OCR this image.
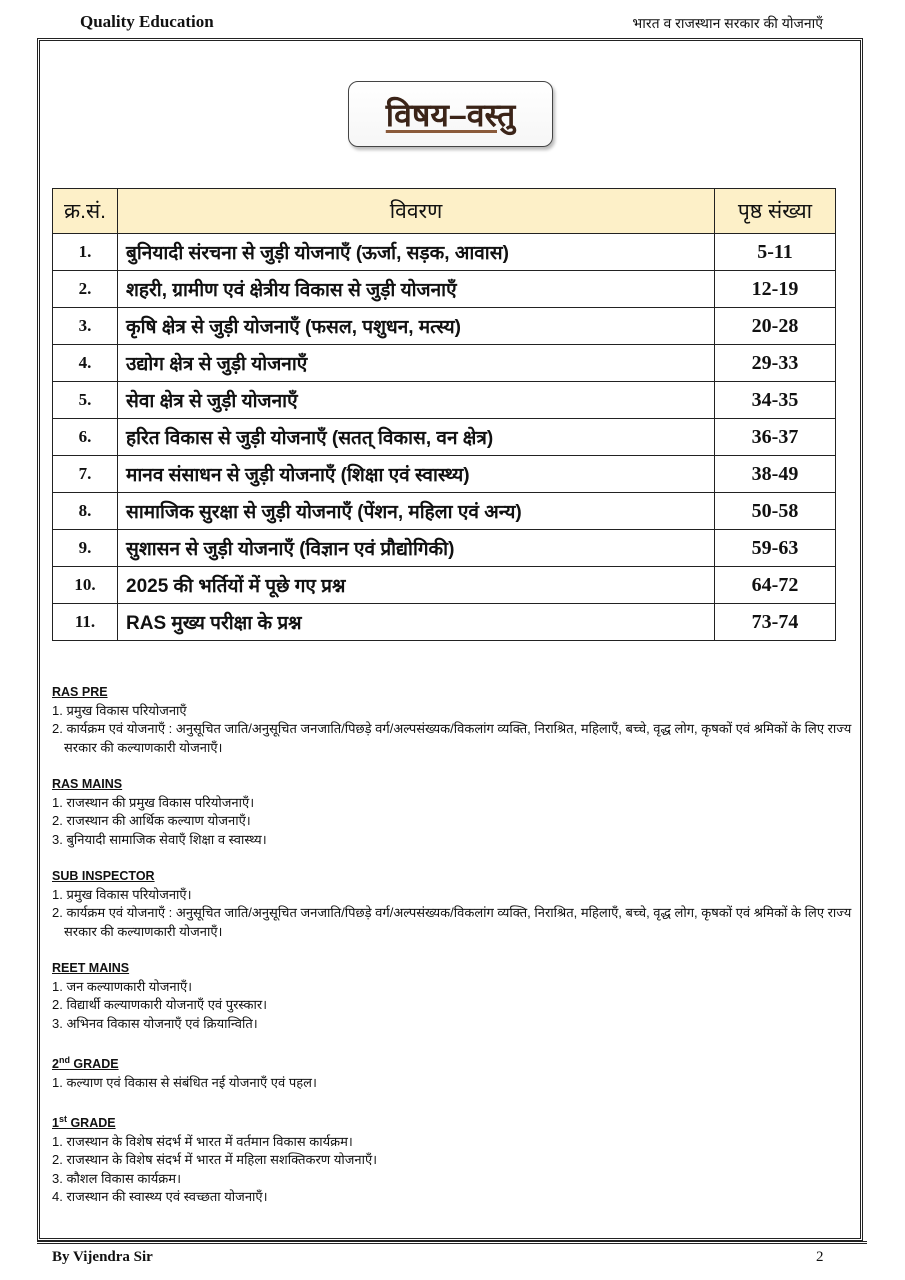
Quality Education	भारत व राजस्थान सरकार की योजनाएँ
विषय–वस्तु
क्र.सं.	विवरण	पृष्ठ संख्या
1.	बुनियादी संरचना से जुड़ी योजनाएँ (ऊर्जा, सड़क, आवास)	5-11
2.	शहरी, ग्रामीण एवं क्षेत्रीय विकास से जुड़ी योजनाएँ	12-19
3.	कृषि क्षेत्र से जुड़ी योजनाएँ (फसल, पशुधन, मत्स्य)	20-28
4.	उद्योग क्षेत्र से जुड़ी योजनाएँ	29-33
5.	सेवा क्षेत्र से जुड़ी योजनाएँ	34-35
6.	हरित विकास से जुड़ी योजनाएँ (सतत् विकास, वन क्षेत्र)	36-37
7.	मानव संसाधन से जुड़ी योजनाएँ (शिक्षा एवं स्वास्थ्य)	38-49
8.	सामाजिक सुरक्षा से जुड़ी योजनाएँ (पेंशन, महिला एवं अन्य)	50-58
9.	सुशासन से जुड़ी योजनाएँ (विज्ञान एवं प्रौद्योगिकी)	59-63
10.	2025 की भर्तियों में पूछे गए प्रश्न	64-72
11.	RAS मुख्य परीक्षा के प्रश्न	73-74
RAS PRE
1. प्रमुख विकास परियोजनाएँ
2. कार्यक्रम एवं योजनाएँ : अनुसूचित जाति/अनुसूचित जनजाति/पिछड़े वर्ग/अल्पसंख्यक/विकलांग व्यक्ति, निराश्रित, महिलाएँ, बच्चे, वृद्ध लोग, कृषकों एवं श्रमिकों के लिए राज्य सरकार की कल्याणकारी योजनाएँ।
RAS MAINS
1. राजस्थान की प्रमुख विकास परियोजनाएँ।
2. राजस्थान की आर्थिक कल्याण योजनाएँ।
3. बुनियादी सामाजिक सेवाएँ शिक्षा व स्वास्थ्य।
SUB INSPECTOR
1. प्रमुख विकास परियोजनाएँ।
2. कार्यक्रम एवं योजनाएँ : अनुसूचित जाति/अनुसूचित जनजाति/पिछड़े वर्ग/अल्पसंख्यक/विकलांग व्यक्ति, निराश्रित, महिलाएँ, बच्चे, वृद्ध लोग, कृषकों एवं श्रमिकों के लिए राज्य सरकार की कल्याणकारी योजनाएँ।
REET MAINS
1. जन कल्याणकारी योजनाएँ।
2. विद्यार्थी कल्याणकारी योजनाएँ एवं पुरस्कार।
3. अभिनव विकास योजनाएँ एवं क्रियान्विति।
2nd GRADE
1. कल्याण एवं विकास से संबंधित नई योजनाएँ एवं पहल।
1st GRADE
1. राजस्थान के विशेष संदर्भ में भारत में वर्तमान विकास कार्यक्रम।
2. राजस्थान के विशेष संदर्भ में भारत में महिला सशक्तिकरण योजनाएँ।
3. कौशल विकास कार्यक्रम।
4. राजस्थान की स्वास्थ्य एवं स्वच्छता योजनाएँ।
By Vijendra Sir	2
